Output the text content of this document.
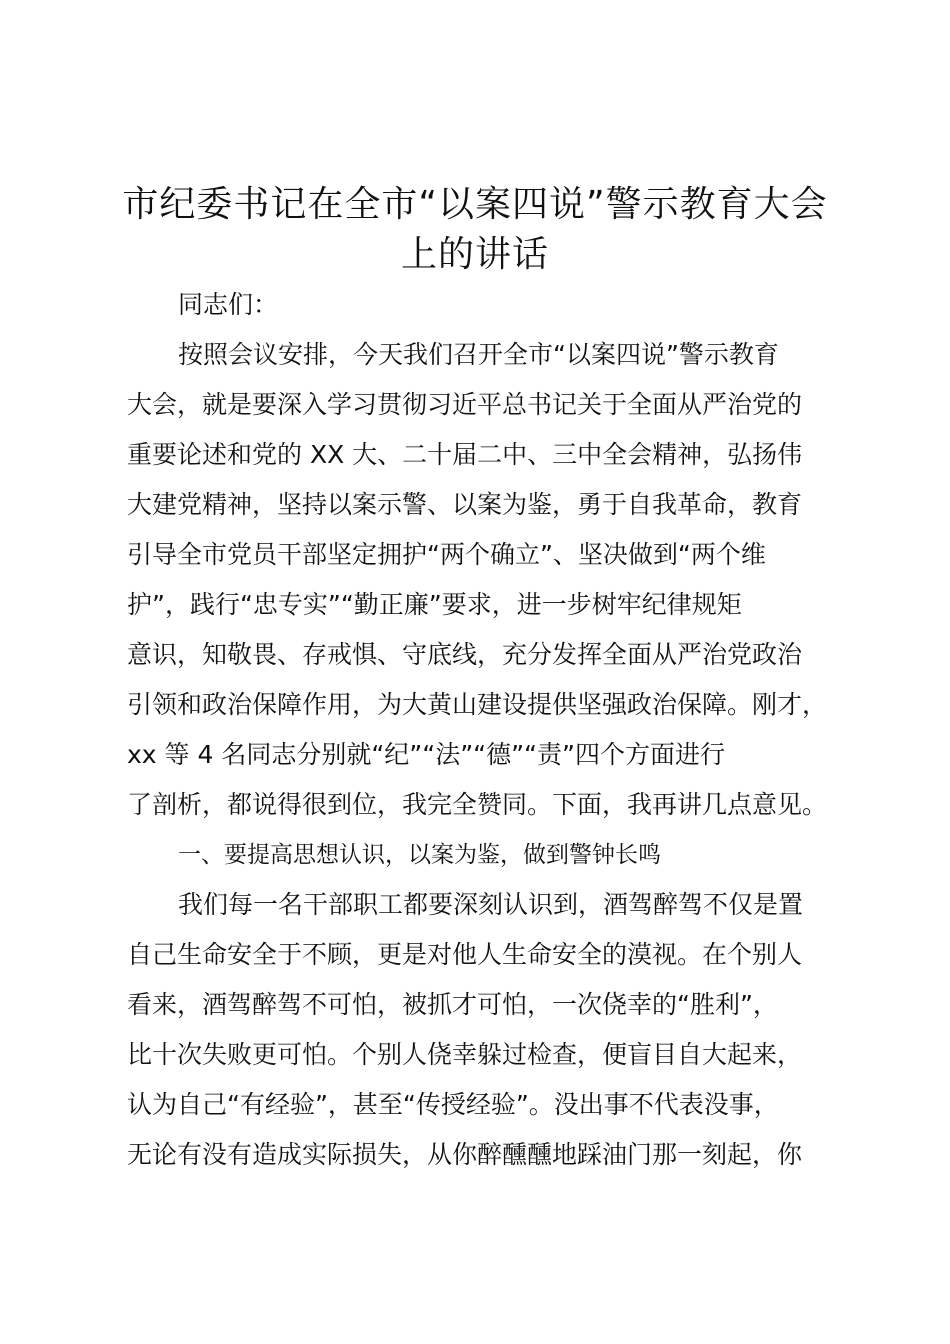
市纪委书记在全市“以案四说”警示教育大会
上的讲话
同志们：
按照会议安排，今天我们召开全市“以案四说”警示教育
大会，就是要深入学习贯彻习近平总书记关于全面从严治党的
重要论述和党的 XX 大、二十届二中、三中全会精神，弘扬伟
大建党精神，坚持以案示警、以案为鉴，勇于自我革命，教育
引导全市党员干部坚定拥护“两个确立”、坚决做到“两个维
护”，践行“忠专实”“勤正廉”要求，进一步树牢纪律规矩
意识，知敬畏、存戒惧、守底线，充分发挥全面从严治党政治
引领和政治保障作用，为大黄山建设提供坚强政治保障。刚才，
xx 等 4 名同志分别就“纪”“法”“德”“责”四个方面进行
了剖析，都说得很到位，我完全赞同。下面，我再讲几点意见。
一、要提高思想认识，以案为鉴，做到警钟长鸣
我们每一名干部职工都要深刻认识到，酒驾醉驾不仅是置
自己生命安全于不顾，更是对他人生命安全的漠视。在个别人
看来，酒驾醉驾不可怕，被抓才可怕，一次侥幸的“胜利”，
比十次失败更可怕。个别人侥幸躲过检查，便盲目自大起来，
认为自己“有经验”，甚至“传授经验”。没出事不代表没事，
无论有没有造成实际损失，从你醉醺醺地踩油门那一刻起，你
